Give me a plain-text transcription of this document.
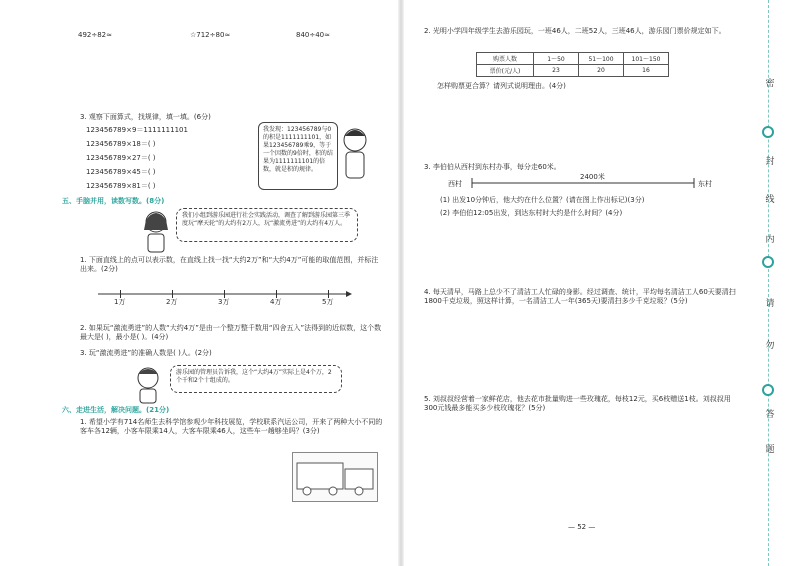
492÷82≈	☆712÷80≈	840÷40≈
3. 观察下面算式，找规律，填一填。(6分)
123456789×9＝1111111101
123456789×18＝( )
123456789×27＝( )
123456789×45＝( )
123456789×81＝( )
我发现：123456789与0的积是1111111101，如果123456789乘9，等于一个因数的9倍时，积的结果为1111111101的倍数，就是积的规律。
五、手脑并用，读数写数。(8分)
我们小组到游乐园进行社会实践活动，调查了解到游乐园第三季度玩“摩天轮”的大约有2万人，玩“激流勇进”的大约有4万人。
1. 下面直线上的点可以表示数，在直线上找一找“大约2万”和“大约4万”可能的取值范围，并标注出来。(2分)
1万	2万	3万	4万	5万
2. 如果玩“激流勇进”的人数“大约4万”是由一个整万整千数用“四舍五入”法得到的近似数，这个数最大是( )，最小是( )。(4分)
3. 玩“激流勇进”的准确人数是( )人。(2分)
游乐园的管理员告诉我，这个“大约4万”实际上是4个万，2个千和2个十组成的。
六、走进生活，解决问题。(21分)
1. 希望小学有714名师生去科学馆参观少年科技展览，学校联系汽运公司，开来了两种大小不同的客车各12辆，小客车限乘14人，大客车限乘46人，这些车一趟够坐吗？(3分)
2. 光明小学四年级学生去游乐园玩，一班46人，二班52人，三班46人，游乐园门票价规定如下。
购票人数	1～50	51～100	101～150
票价(元/人)	23	20	16
怎样购票更合算？请列式说明理由。(4分)
3. 李伯伯从西村到东村办事，每分走60米。
2400米
西村	东村
(1) 出发10分钟后，他大约在什么位置？(请在图上作出标记)(3分)
(2) 李伯伯12:05出发，到达东村时大约是什么时间？(4分)
4. 每天清早，马路上总少不了清洁工人忙碌的身影。经过调查、统计，平均每名清洁工人60天要清扫1800千克垃圾，照这样计算，一名清洁工人一年(365天)要清扫多少千克垃圾？(5分)
5. 刘叔叔经营着一家鲜花店，他去花市批量购进一些玫瑰花，每枝12元，买6枝赠送1枝。刘叔叔用300元钱最多能买多少枝玫瑰花？(5分)
— 52 —
密
封
线
内
请
勿
答
题
